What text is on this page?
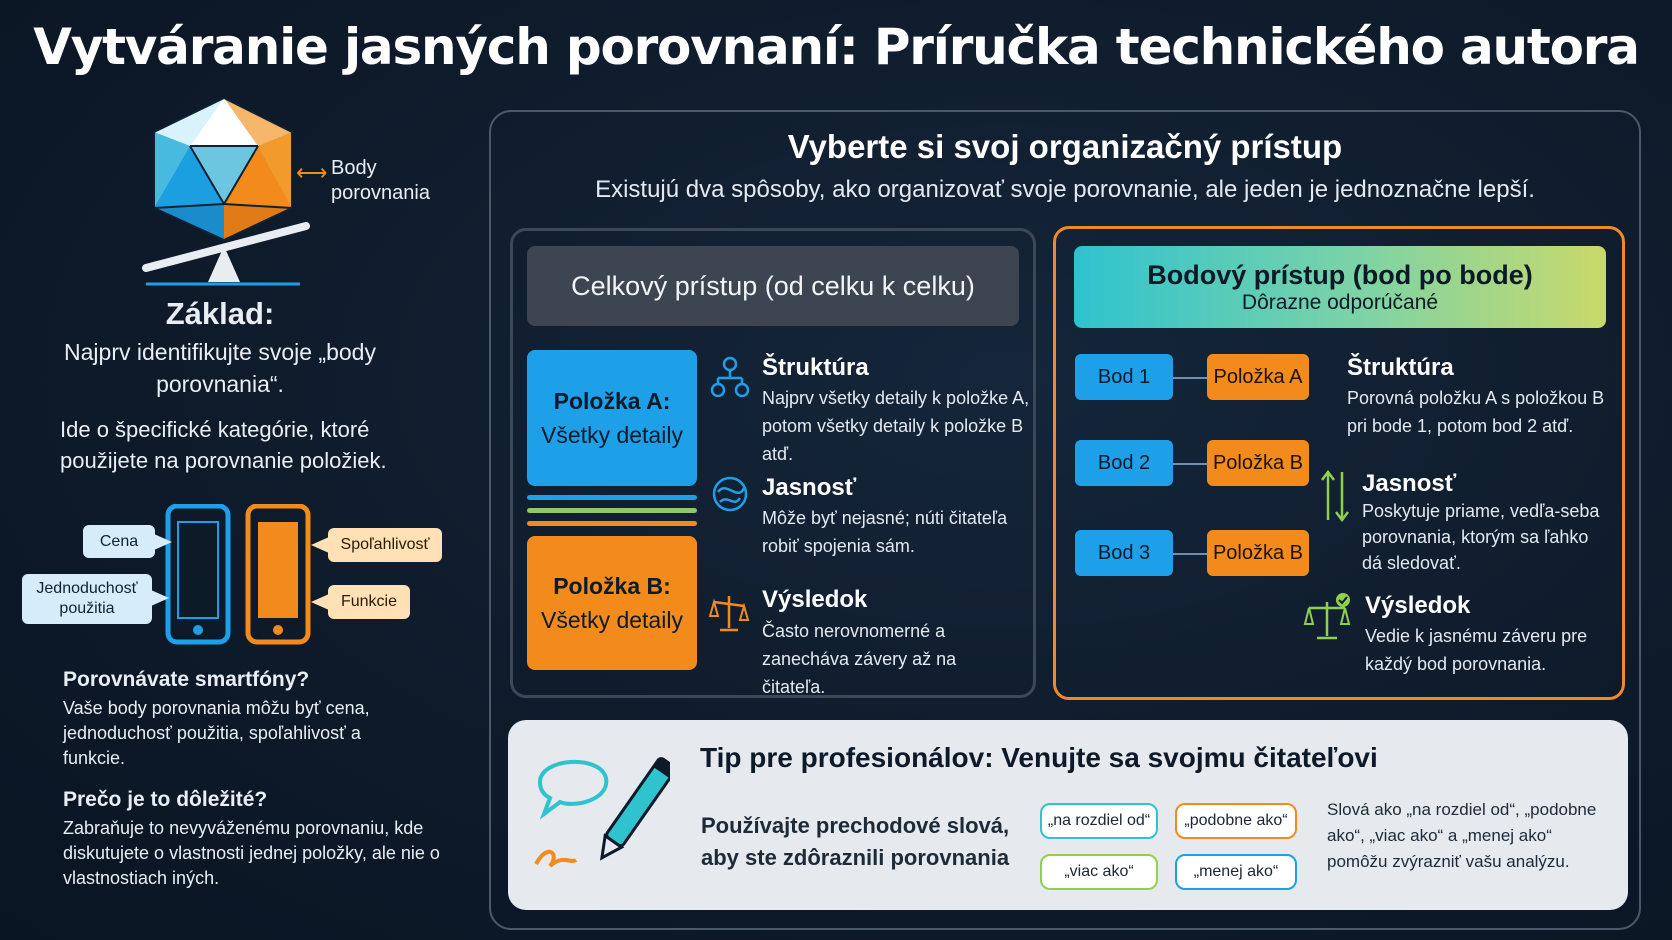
Vytváranie jasných porovnaní: Príručka technického autora
⟷ Body porovnania
Základ:
Najprv identifikujte svoje „body porovnania“.
Ide o špecifické kategórie, ktoré použijete na porovnanie položiek.
Cena
Jednoduchosť použitia
Spoľahlivosť
Funkcie
Porovnávate smartfóny?
Vaše body porovnania môžu byť cena, jednoduchosť použitia, spoľahlivosť a funkcie.
Prečo je to dôležité?
Zabraňuje to nevyváženému porovnaniu, kde diskutujete o vlastnosti jednej položky, ale nie o vlastnostiach iných.
Vyberte si svoj organizačný prístup
Existujú dva spôsoby, ako organizovať svoje porovnanie, ale jeden je jednoznačne lepší.
Celkový prístup (od celku k celku)
Položka A:
Všetky detaily
Položka B:
Všetky detaily
Štruktúra
Najprv všetky detaily k položke A, potom všetky detaily k položke B atď.
Jasnosť
Môže byť nejasné; núti čitateľa robiť spojenia sám.
Výsledok
Často nerovnomerné a zanecháva závery až na čitateľa.
Bodový prístup (bod po bode)
Dôrazne odporúčané
Bod 1	Položka A
Bod 2	Položka B
Bod 3	Položka B
Štruktúra
Porovná položku A s položkou B pri bode 1, potom bod 2 atď.
Jasnosť
Poskytuje priame, vedľa-seba porovnania, ktorým sa ľahko dá sledovať.
Výsledok
Vedie k jasnému záveru pre každý bod porovnania.
Tip pre profesionálov: Venujte sa svojmu čitateľovi
Používajte prechodové slová, aby ste zdôraznili porovnania
„na rozdiel od“	„podobne ako“
„viac ako“	„menej ako“
Slová ako „na rozdiel od“, „podobne ako“, „viac ako“ a „menej ako“ pomôžu zvýrazniť vašu analýzu.
